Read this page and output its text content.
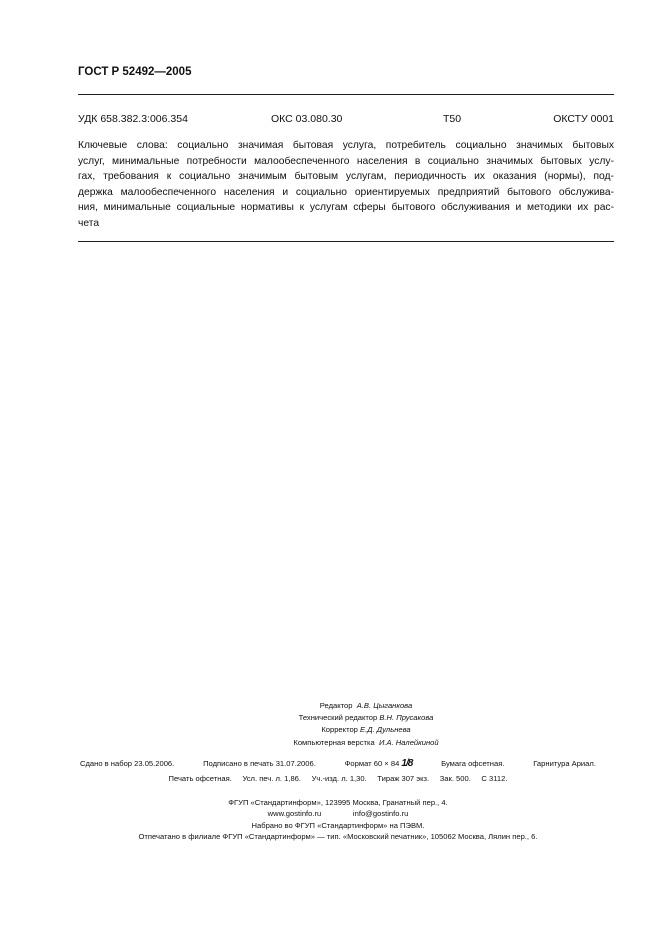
ГОСТ Р 52492—2005
УДК 658.382.3:006.354	ОКС 03.080.30	Т50	ОКСТУ 0001
Ключевые слова: социально значимая бытовая услуга, потребитель социально значимых бытовых
услуг, минимальные потребности малообеспеченного населения в социально значимых бытовых услу-
гах, требования к социально значимым бытовым услугам, периодичность их оказания (нормы), под-
держка малообеспеченного населения и социально ориентируемых предприятий бытового обслужива-
ния, минимальные социальные нормативы к услугам сферы бытового обслуживания и методики их рас-
чета
Редактор А.В. Цыганкова
Технический редактор В.Н. Прусакова
Корректор Е.Д. Дульнева
Компьютерная верстка И.А. Налейкиной
Сдано в набор 23.05.2006.	Подписано в печать 31.07.2006.	Формат 60 × 84 1/8	Бумага офсетная.	Гарнитура Ариал.
Печать офсетная. Усл. печ. л. 1,86. Уч.-изд. л. 1,30. Тираж 307 экз. Зак. 500. С 3112.
ФГУП «Стандартинформ», 123995 Москва, Гранатный пер., 4.
www.gostinfo.ru	info@gostinfo.ru
Набрано во ФГУП «Стандартинформ» на ПЭВМ.
Отпечатано в филиале ФГУП «Стандартинформ» — тип. «Московский печатник», 105062 Москва, Лялин пер., 6.
